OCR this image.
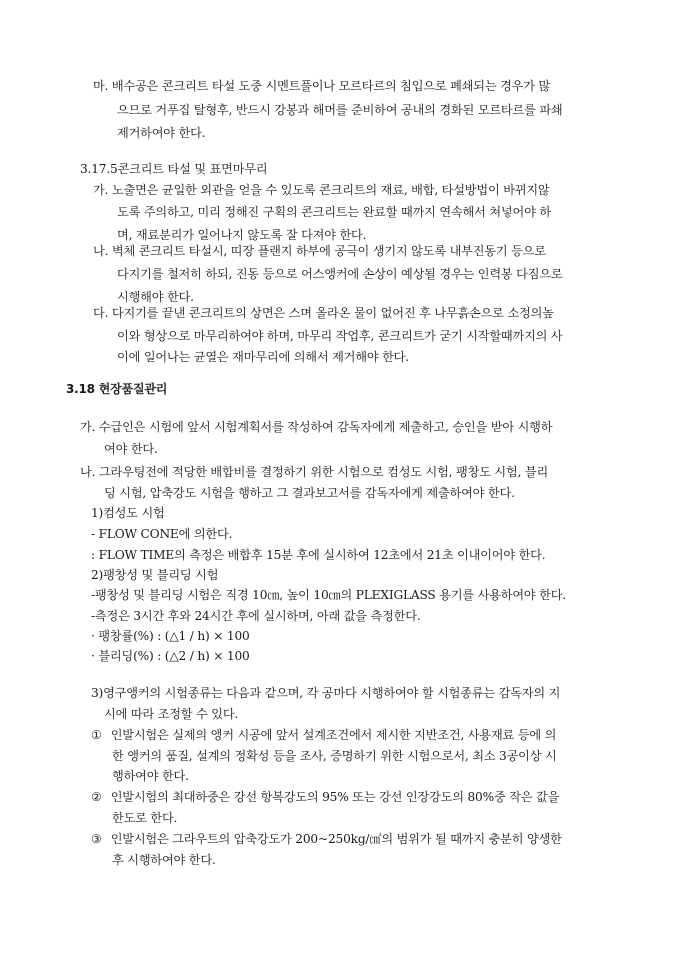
마. 배수공은 콘크리트 타설 도중 시멘트풀이나 모르타르의 침입으로 폐쇄되는 경우가 많
으므로 거푸집 탈형후, 반드시 강봉과 해머를 준비하여 공내의 경화된 모르타르를 파쇄
제거하여야 한다.
3.17.5콘크리트 타설 및 표면마무리
가. 노출면은 균일한 외관을 얻을 수 있도록 콘크리트의 재료, 배합, 타설방법이 바뀌지않
도록 주의하고, 미리 정해진 구획의 콘크리트는 완료할 때까지 연속해서 쳐넣어야 하
며, 재료분리가 일어나지 않도록 잘 다져야 한다.
나. 벽체 콘크리트 타설시, 띠장 플랜지 하부에 공극이 생기지 않도록 내부진동기 등으로
다지기를 철저히 하되, 진동 등으로 어스앵커에 손상이 예상될 경우는 인력봉 다짐으로
시행해야 한다.
다. 다지기를 끝낸 콘크리트의 상면은 스며 올라온 물이 없어진 후 나무흙손으로 소정의높
이와 형상으로 마무리하여야 하며, 마무리 작업후, 콘크리트가 굳기 시작할때까지의 사
이에 일어나는 균열은 재마무리에 의해서 제거해야 한다.
3.18 현장품질관리
가. 수급인은 시험에 앞서 시험계획서를 작성하여 감독자에게 제출하고, 승인을 받아 시행하
여야 한다.
나. 그라우팅전에 적당한 배합비를 결정하기 위한 시험으로 컴성도 시험, 팽창도 시험, 블리
딩 시험, 압축강도 시험을 행하고 그 결과보고서를 감독자에게 제출하여야 한다.
1)컴성도 시험
- FLOW CONE에 의한다.
: FLOW TIME의 측정은 배합후 15분 후에 실시하여 12초에서 21초 이내이어야 한다.
2)팽창성 및 블리딩 시험
-팽창성 및 블리딩 시험은 직경 10㎝, 높이 10㎝의 PLEXIGLASS 용기를 사용하여야 한다.
-측정은 3시간 후와 24시간 후에 실시하며, 아래 값을 측정한다.
· 팽창률(%) : (△1 / h) × 100
· 블리딩(%) : (△2 / h) × 100
3)영구앵커의 시험종류는 다음과 같으며, 각 공마다 시행하여야 할 시험종류는 감독자의 지
시에 따라 조정할 수 있다.
① 인발시험은 실제의 앵커 시공에 앞서 설계조건에서 제시한 지반조건, 사용재료 등에 의
한 앵커의 품질, 설계의 정확성 등을 조사, 증명하기 위한 시험으로서, 최소 3공이상 시
행하여야 한다.
② 인발시험의 최대하중은 강선 항복강도의 95% 또는 강선 인장강도의 80%중 작은 값을
한도로 한다.
③ 인발시험은 그라우트의 압축강도가 200~250kg/㎠의 범위가 될 때까지 충분히 양생한
후 시행하여야 한다.
